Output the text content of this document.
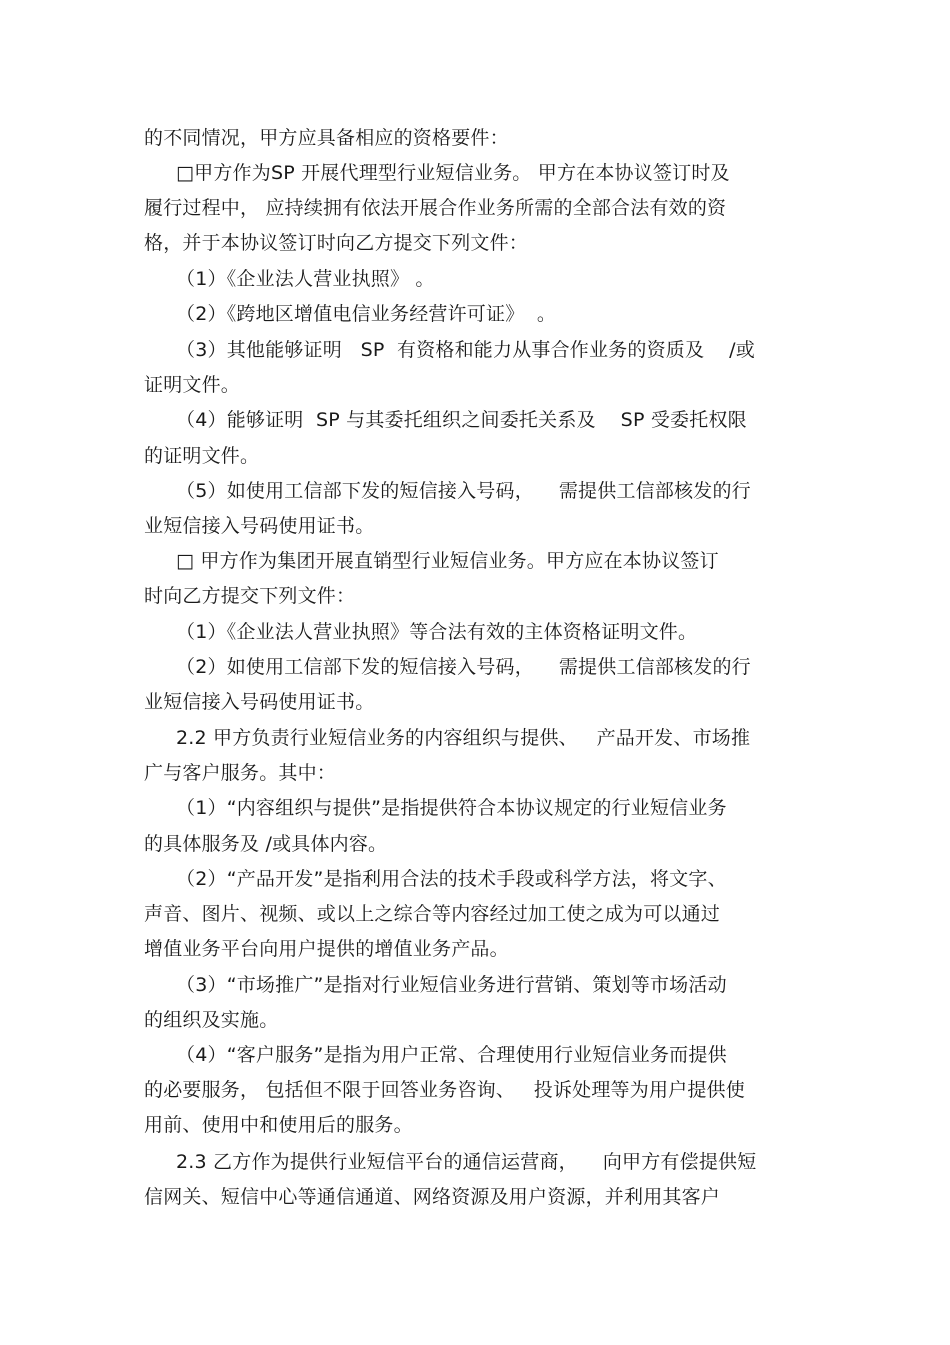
的不同情况，甲方应具备相应的资格要件：
□甲方作为SP 开展代理型行业短信业务。 甲方在本协议签订时及
履行过程中， 应持续拥有依法开展合作业务所需的全部合法有效的资
格，并于本协议签订时向乙方提交下列文件：
（1）《企业法人营业执照》 。
（2）《跨地区增值电信业务经营许可证》  。
（3）其他能够证明   SP  有资格和能力从事合作业务的资质及    /或
证明文件。
（4）能够证明  SP 与其委托组织之间委托关系及    SP 受委托权限
的证明文件。
（5）如使用工信部下发的短信接入号码，    需提供工信部核发的行
业短信接入号码使用证书。
□ 甲方作为集团开展直销型行业短信业务。甲方应在本协议签订
时向乙方提交下列文件：
（1）《企业法人营业执照》等合法有效的主体资格证明文件。
（2）如使用工信部下发的短信接入号码，    需提供工信部核发的行
业短信接入号码使用证书。
2.2 甲方负责行业短信业务的内容组织与提供、   产品开发、市场推
广与客户服务。其中：
（1）“内容组织与提供”是指提供符合本协议规定的行业短信业务
的具体服务及 /或具体内容。
（2）“产品开发”是指利用合法的技术手段或科学方法，将文字、
声音、图片、视频、或以上之综合等内容经过加工使之成为可以通过
增值业务平台向用户提供的增值业务产品。
（3）“市场推广”是指对行业短信业务进行营销、策划等市场活动
的组织及实施。
（4）“客户服务”是指为用户正常、合理使用行业短信业务而提供
的必要服务， 包括但不限于回答业务咨询、   投诉处理等为用户提供使
用前、使用中和使用后的服务。
2.3 乙方作为提供行业短信平台的通信运营商，    向甲方有偿提供短
信网关、短信中心等通信通道、网络资源及用户资源，并利用其客户
